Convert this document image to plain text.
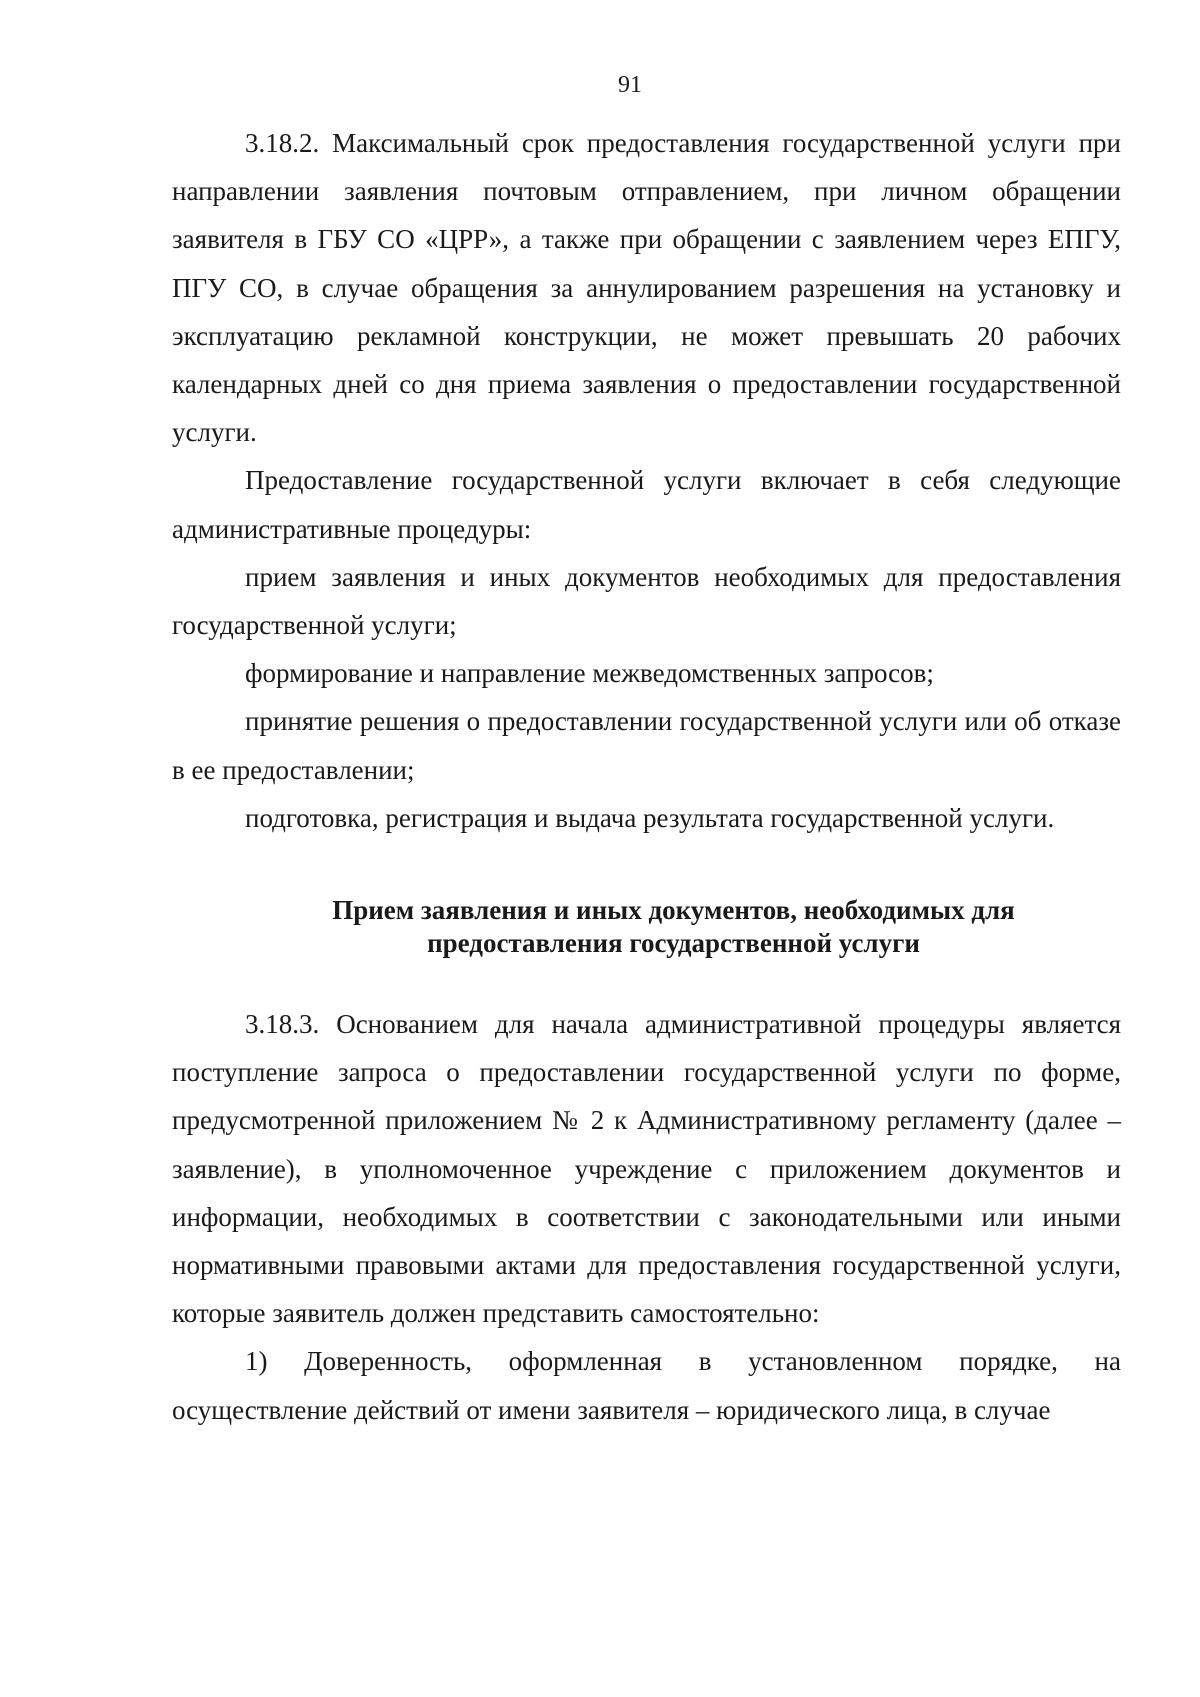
91

3.18.2. Максимальный срок предоставления государственной услуги при направлении заявления почтовым отправлением, при личном обращении заявителя в ГБУ СО «ЦРР», а также при обращении с заявлением через ЕПГУ, ПГУ СО, в случае обращения за аннулированием разрешения на установку и эксплуатацию рекламной конструкции, не может превышать 20 рабочих календарных дней со дня приема заявления о предоставлении государственной услуги.

Предоставление государственной услуги включает в себя следующие административные процедуры:

прием заявления и иных документов необходимых для предоставления государственной услуги;

формирование и направление межведомственных запросов;

принятие решения о предоставлении государственной услуги или об отказе в ее предоставлении;

подготовка, регистрация и выдача результата государственной услуги.

Прием заявления и иных документов, необходимых для

предоставления государственной услуги

3.18.3. Основанием для начала административной процедуры является поступление запроса о предоставлении государственной услуги по форме, предусмотренной приложением № 2 к Административному регламенту (далее – заявление), в уполномоченное учреждение с приложением документов и информации, необходимых в соответствии с законодательными или иными нормативными правовыми актами для предоставления государственной услуги, которые заявитель должен представить самостоятельно:

1) Доверенность, оформленная в установленном порядке, на осуществление действий от имени заявителя – юридического лица, в случае
